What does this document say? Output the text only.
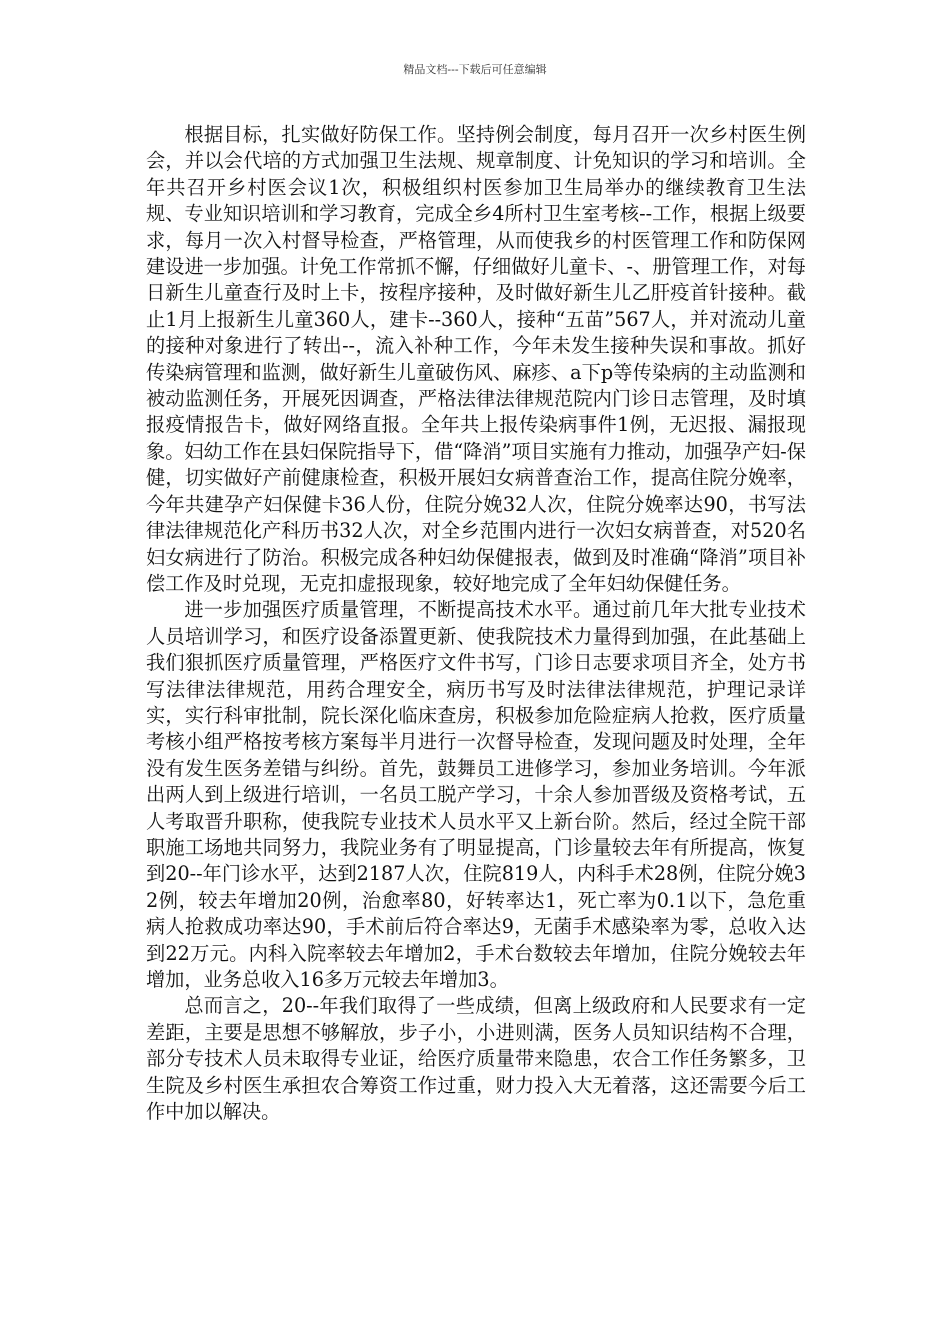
精品文档---下载后可任意编辑

根据目标，扎实做好防保工作。坚持例会制度，每月召开一次乡村医生例会，并以会代培的方式加强卫生法规、规章制度、计免知识的学习和培训。全年共召开乡村医会议1次，积极组织村医参加卫生局举办的继续教育卫生法规、专业知识培训和学习教育，完成全乡4所村卫生室考核--工作，根据上级要求，每月一次入村督导检查，严格管理，从而使我乡的村医管理工作和防保网建设进一步加强。计免工作常抓不懈，仔细做好儿童卡、-、册管理工作，对每日新生儿童查行及时上卡，按程序接种，及时做好新生儿乙肝疫首针接种。截止1月上报新生儿童360人，建卡--360人，接种“五苗”567人，并对流动儿童的接种对象进行了转出--，流入补种工作，今年未发生接种失误和事故。抓好传染病管理和监测，做好新生儿童破伤风、麻疹、a下p等传染病的主动监测和被动监测任务，开展死因调查，严格法律法律规范院内门诊日志管理，及时填报疫情报告卡，做好网络直报。全年共上报传染病事件1例，无迟报、漏报现象。妇幼工作在县妇保院指导下，借“降消”项目实施有力推动，加强孕产妇-保健，切实做好产前健康检查，积极开展妇女病普查治工作，提高住院分娩率，今年共建孕产妇保健卡36人份，住院分娩32人次，住院分娩率达90，书写法律法律规范化产科历书32人次，对全乡范围内进行一次妇女病普查，对520名妇女病进行了防治。积极完成各种妇幼保健报表，做到及时准确“降消”项目补偿工作及时兑现，无克扣虚报现象，较好地完成了全年妇幼保健任务。

进一步加强医疗质量管理，不断提高技术水平。通过前几年大批专业技术人员培训学习，和医疗设备添置更新、使我院技术力量得到加强，在此基础上我们狠抓医疗质量管理，严格医疗文件书写，门诊日志要求项目齐全，处方书写法律法律规范，用药合理安全，病历书写及时法律法律规范，护理记录详实，实行科审批制，院长深化临床查房，积极参加危险症病人抢救，医疗质量考核小组严格按考核方案每半月进行一次督导检查，发现问题及时处理，全年没有发生医务差错与纠纷。首先，鼓舞员工进修学习，参加业务培训。今年派出两人到上级进行培训，一名员工脱产学习，十余人参加晋级及资格考试，五人考取晋升职称，使我院专业技术人员水平又上新台阶。然后，经过全院干部职施工场地共同努力，我院业务有了明显提高，门诊量较去年有所提高，恢复到20--年门诊水平，达到2187人次，住院819人，内科手术28例，住院分娩32例，较去年增加20例，治愈率80，好转率达1，死亡率为0.1以下，急危重病人抢救成功率达90，手术前后符合率达9，无菌手术感染率为零，总收入达到22万元。内科入院率较去年增加2，手术台数较去年增加，住院分娩较去年增加，业务总收入16多万元较去年增加3。

总而言之，20--年我们取得了一些成绩，但离上级政府和人民要求有一定差距，主要是思想不够解放，步子小，小进则满，医务人员知识结构不合理，部分专技术人员未取得专业证，给医疗质量带来隐患，农合工作任务繁多，卫生院及乡村医生承担农合筹资工作过重，财力投入大无着落，这还需要今后工作中加以解决。
